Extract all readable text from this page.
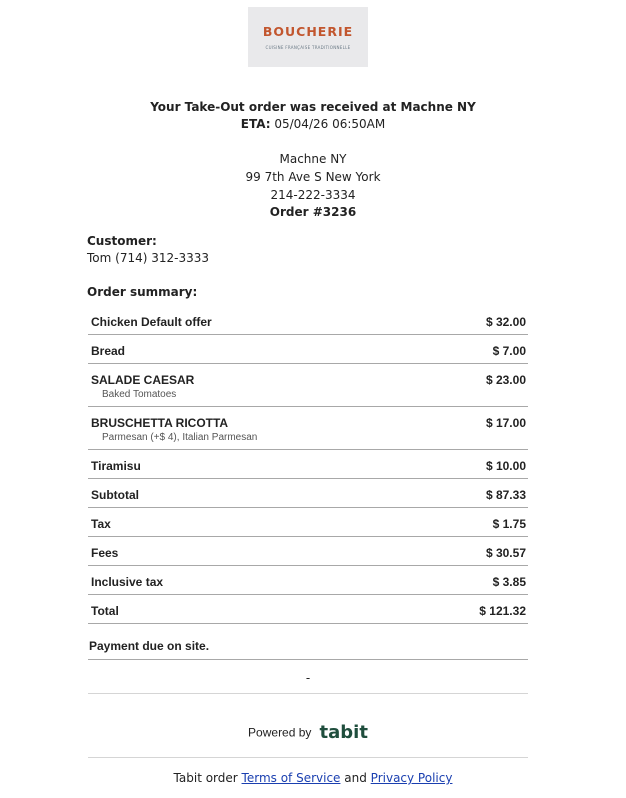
BOUCHERIE
CUISINE FRANÇAISE TRADITIONNELLE
Your Take-Out order was received at Machne NY
ETA: 05/04/26 06:50AM
Machne NY
99 7th Ave S New York
214-222-3334
Order #3236
Customer:
Tom (714) 312-3333
Order summary:
Chicken Default offer	$ 32.00
Bread	$ 7.00
SALADE CAESAR	$ 23.00
Baked Tomatoes
BRUSCHETTA RICOTTA	$ 17.00
Parmesan (+$ 4), Italian Parmesan
Tiramisu	$ 10.00
Subtotal	$ 87.33
Tax	$ 1.75
Fees	$ 30.57
Inclusive tax	$ 3.85
Total	$ 121.32
Payment due on site.
-
Powered by tabit
Tabit order Terms of Service and Privacy Policy
